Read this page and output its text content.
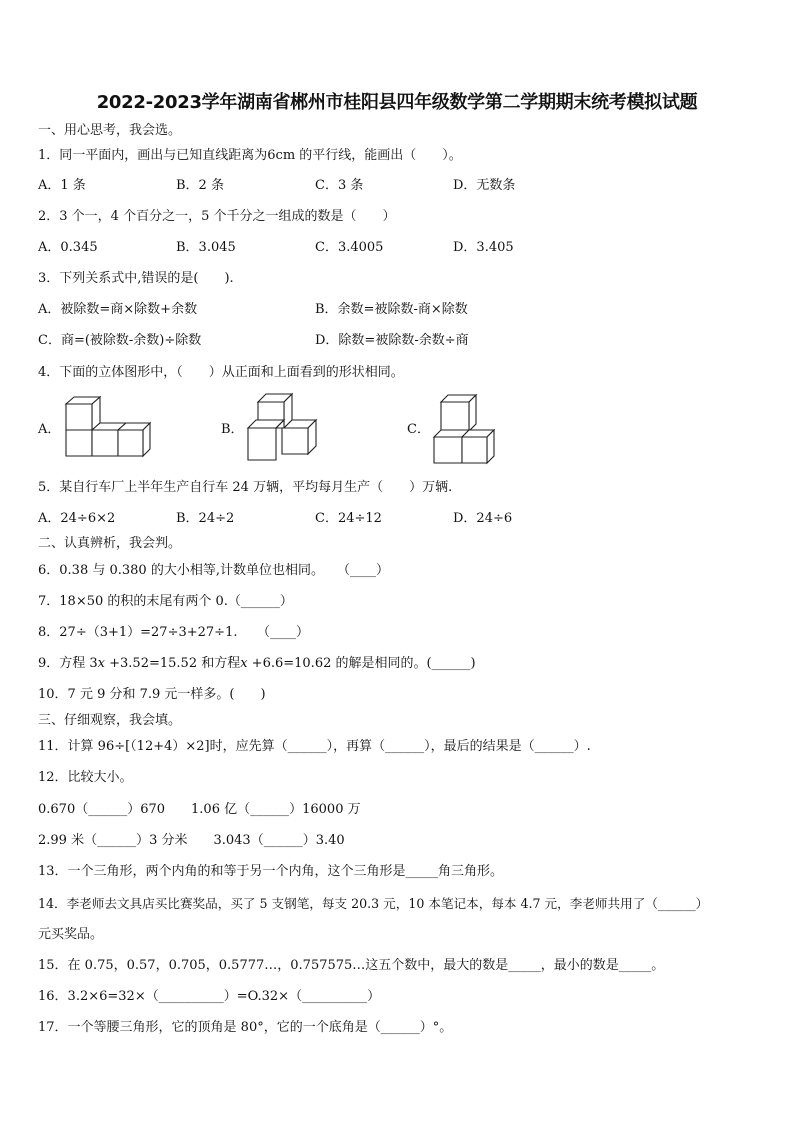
2022-2023学年湖南省郴州市桂阳县四年级数学第二学期期末统考模拟试题
一、用心思考，我会选。
1．同一平面内，画出与已知直线距离为6cm 的平行线，能画出（　　）。
A．1 条	B．2 条	C．3 条	D．无数条
2．3 个一，4 个百分之一，5 个千分之一组成的数是（　　）
A．0.345	B．3.045	C．3.4005	D．3.405
3．下列关系式中,错误的是(　　).
A．被除数=商×除数+余数	B．余数=被除数-商×除数
C．商=(被除数-余数)÷除数	D．除数=被除数-余数÷商
4．下面的立体图形中，（　　）从正面和上面看到的形状相同。
A．	B．	C．
5．某自行车厂上半年生产自行车 24 万辆，平均每月生产（　　）万辆.
A．24÷6×2	B．24÷2	C．24÷12	D．24÷6
二、认真辨析，我会判。
6．0.38 与 0.380 的大小相等,计数单位也相同。　　（____）
7．18×50 的积的末尾有两个 0.（______）
8．27÷（3+1）=27÷3+27÷1.　　（____）
9．方程 3𝑥 +3.52=15.52 和方程𝑥 +6.6=10.62 的解是相同的。(______)
10．7 元 9 分和 7.9 元一样多。(　　)
三、仔细观察，我会填。
11．计算 96÷[（12+4）×2]时，应先算（______），再算（______），最后的结果是（______）.
12．比较大小。
0.670（______）670　　1.06 亿（______）16000 万
2.99 米（______）3 分米　　3.043（______）3.40
13．一个三角形，两个内角的和等于另一个内角，这个三角形是_____角三角形。
14．李老师去文具店买比赛奖品，买了 5 支钢笔，每支 20.3 元，10 本笔记本，每本 4.7 元，李老师共用了（______）
元买奖品。
15．在 0.75，0.57，0.705，0.5777…，0.757575…这五个数中，最大的数是_____，最小的数是_____。
16．3.2×6=32×（__________）=O.32×（__________）
17．一个等腰三角形，它的顶角是 80°，它的一个底角是（______）°。
